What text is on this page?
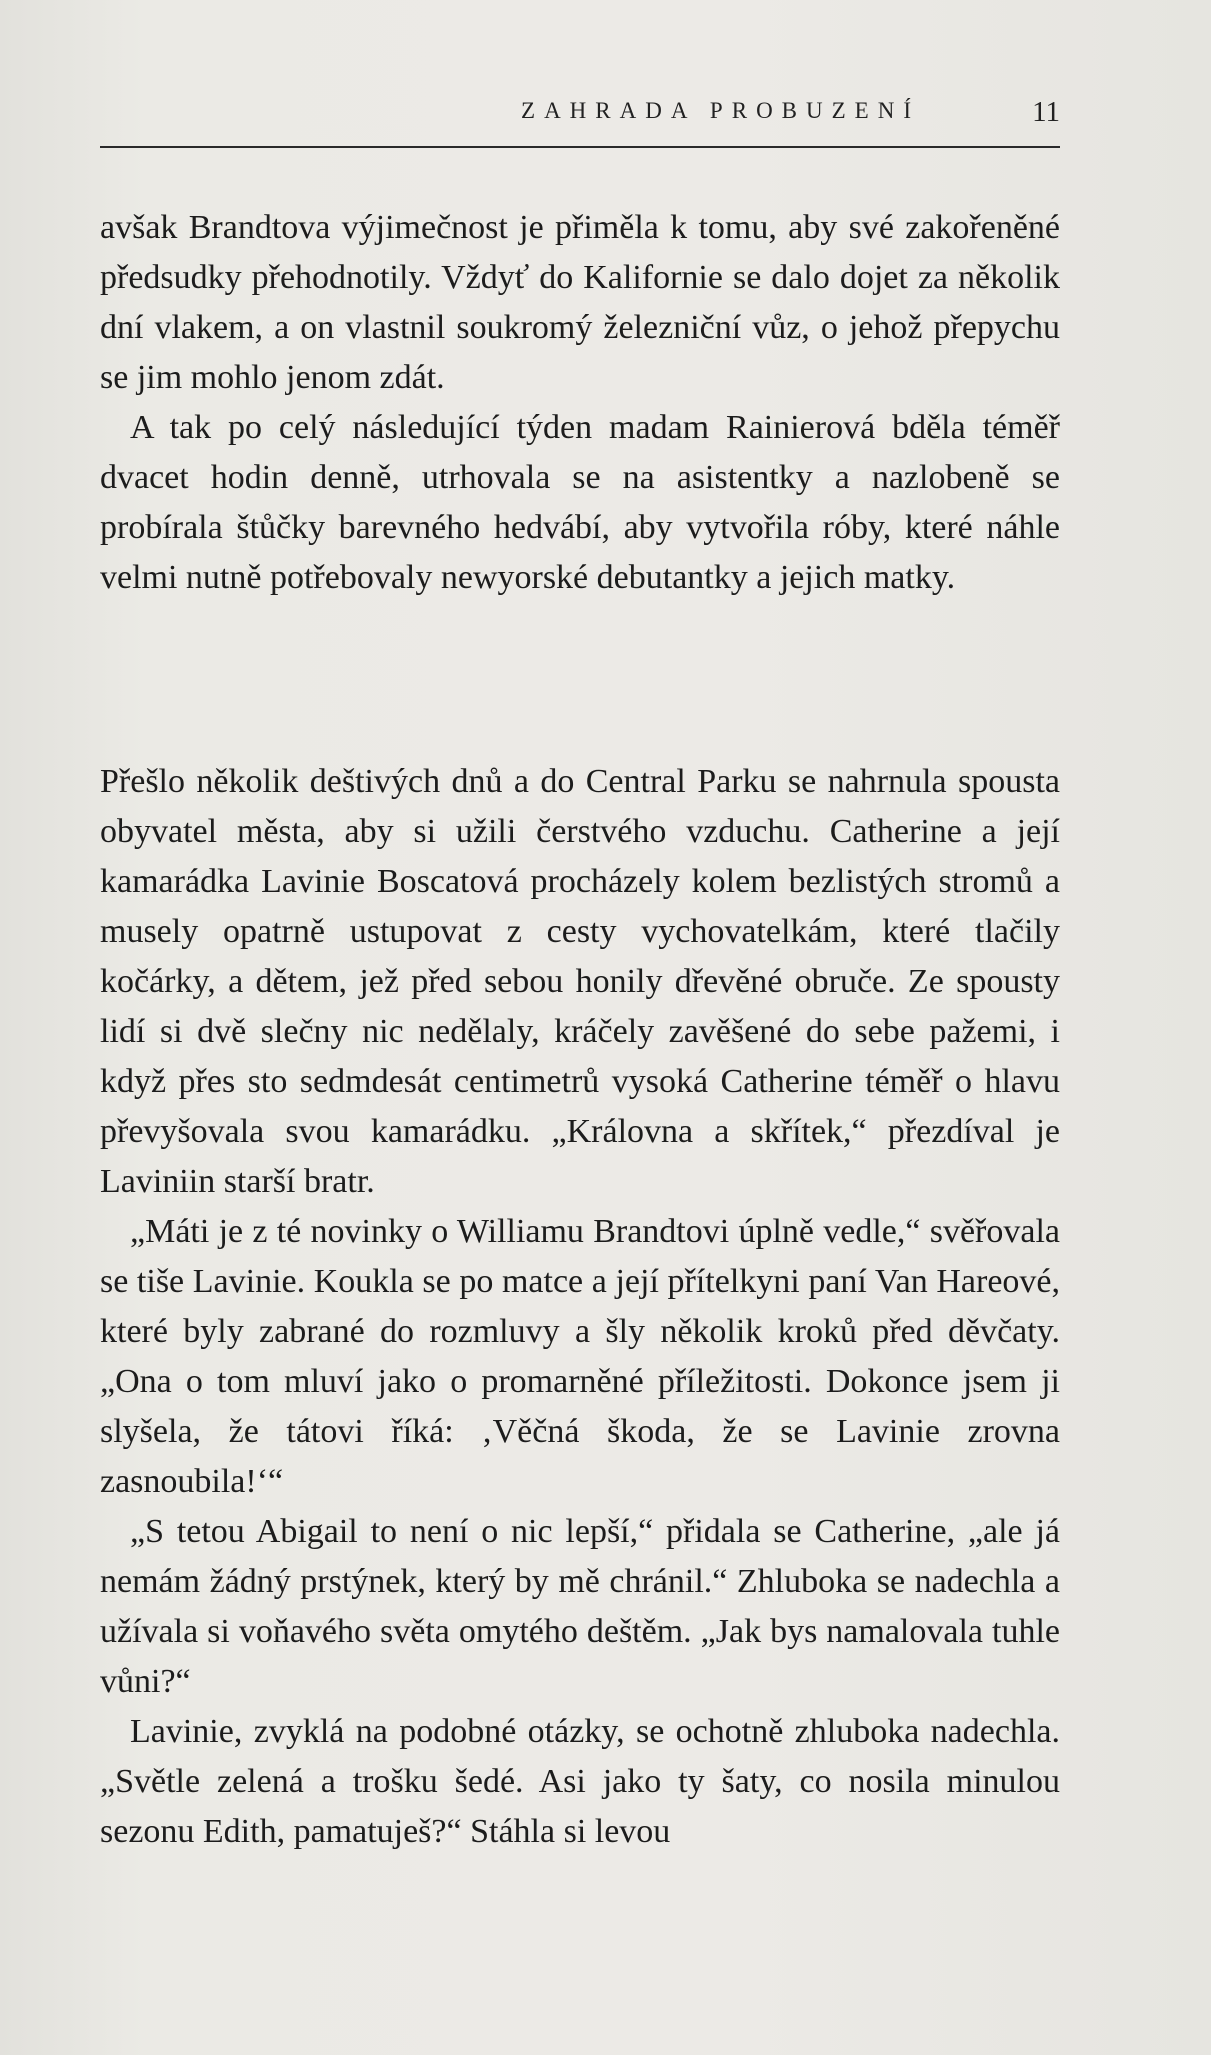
ZAHRADA PROBUZENÍ	11

avšak Brandtova výjimečnost je přiměla k tomu, aby své zakořeněné předsudky přehodnotily. Vždyť do Kalifornie se dalo dojet za několik dní vlakem, a on vlastnil soukromý železniční vůz, o jehož přepychu se jim mohlo jenom zdát.

A tak po celý následující týden madam Rainierová bděla téměř dvacet hodin denně, utrhovala se na asistentky a nazlobeně se probírala štůčky barevného hedvábí, aby vytvořila róby, které náhle velmi nutně potřebovaly newyorské debutantky a jejich matky.

Přešlo několik deštivých dnů a do Central Parku se nahrnula spousta obyvatel města, aby si užili čerstvého vzduchu. Catherine a její kamarádka Lavinie Boscatová procházely kolem bezlistých stromů a musely opatrně ustupovat z cesty vychovatelkám, které tlačily kočárky, a dětem, jež před sebou honily dřevěné obruče. Ze spousty lidí si dvě slečny nic nedělaly, kráčely zavěšené do sebe pažemi, i když přes sto sedmdesát centimetrů vysoká Catherine téměř o hlavu převyšovala svou kamarádku. „Královna a skřítek,“ přezdíval je Laviniin starší bratr.

„Máti je z té novinky o Williamu Brandtovi úplně vedle,“ svěřovala se tiše Lavinie. Koukla se po matce a její přítelkyni paní Van Hareové, které byly zabrané do rozmluvy a šly několik kroků před děvčaty. „Ona o tom mluví jako o promarněné příležitosti. Dokonce jsem ji slyšela, že tátovi říká: ‚Věčná škoda, že se Lavinie zrovna zasnoubila!‘“

„S tetou Abigail to není o nic lepší,“ přidala se Catherine, „ale já nemám žádný prstýnek, který by mě chránil.“ Zhluboka se nadechla a užívala si voňavého světa omytého deštěm. „Jak bys namalovala tuhle vůni?“

Lavinie, zvyklá na podobné otázky, se ochotně zhluboka nadechla. „Světle zelená a trošku šedé. Asi jako ty šaty, co nosila minulou sezonu Edith, pamatuješ?“ Stáhla si levou
